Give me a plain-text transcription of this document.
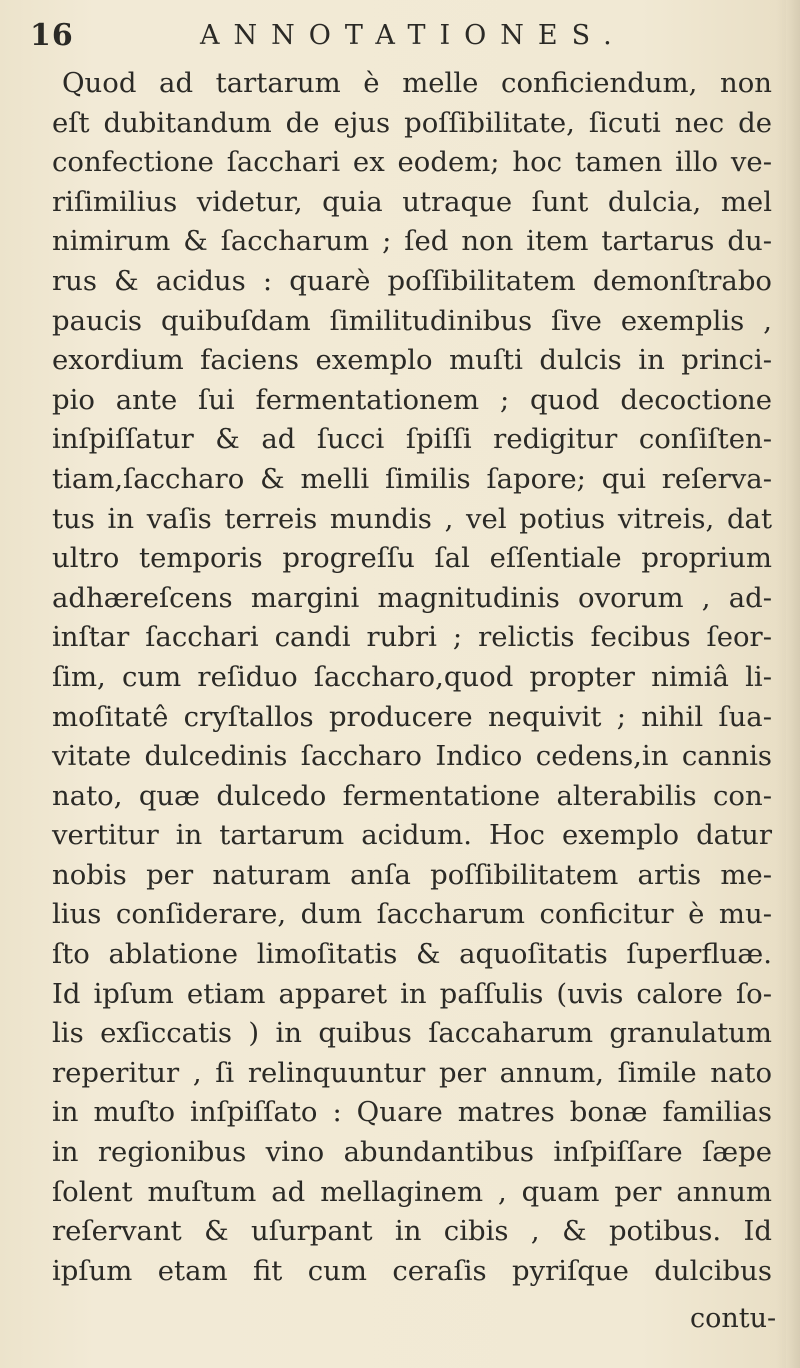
16	ANNOTATIONES.
Quod ad tartarum è melle conficiendum, non
eſt dubitandum de ejus poſſibilitate, ſicuti nec de
confectione ſacchari ex eodem; hoc tamen illo ve-
riſimilius videtur, quia utraque ſunt dulcia, mel
nimirum & ſaccharum ; ſed non item tartarus du-
rus & acidus : quarè poſſibilitatem demonſtrabo
paucis quibuſdam ſimilitudinibus ſive exemplis ,
exordium faciens exemplo muſti dulcis in princi-
pio ante ſui fermentationem ; quod decoctione
inſpiſſatur & ad ſucci ſpiſſi redigitur conſiſten-
tiam,ſaccharo & melli ſimilis ſapore; qui reſerva-
tus in vaſis terreis mundis , vel potius vitreis, dat
ultro temporis progreſſu ſal eſſentiale proprium
adhæreſcens margini magnitudinis ovorum , ad-
inſtar ſacchari candi rubri ; relictis fecibus ſeor-
ſim, cum reſiduo ſaccharo,quod propter nimiâ li-
moſitatê cryſtallos producere nequivit ; nihil ſua-
vitate dulcedinis ſaccharo Indico cedens,in cannis
nato, quæ dulcedo fermentatione alterabilis con-
vertitur in tartarum acidum. Hoc exemplo datur
nobis per naturam anſa poſſibilitatem artis me-
lius conſiderare, dum ſaccharum conficitur è mu-
ſto ablatione limoſitatis & aquoſitatis ſuperfluæ.
Id ipſum etiam apparet in paſſulis (uvis calore ſo-
lis exſiccatis ) in quibus ſaccaharum granulatum
reperitur , ſi relinquuntur per annum, ſimile nato
in muſto inſpiſſato : Quare matres bonæ familias
in regionibus vino abundantibus inſpiſſare ſæpe
ſolent muſtum ad mellaginem , quam per annum
reſervant & uſurpant in cibis , & potibus. Id
ipſum etam fit cum ceraſis pyriſque dulcibus
contu-
